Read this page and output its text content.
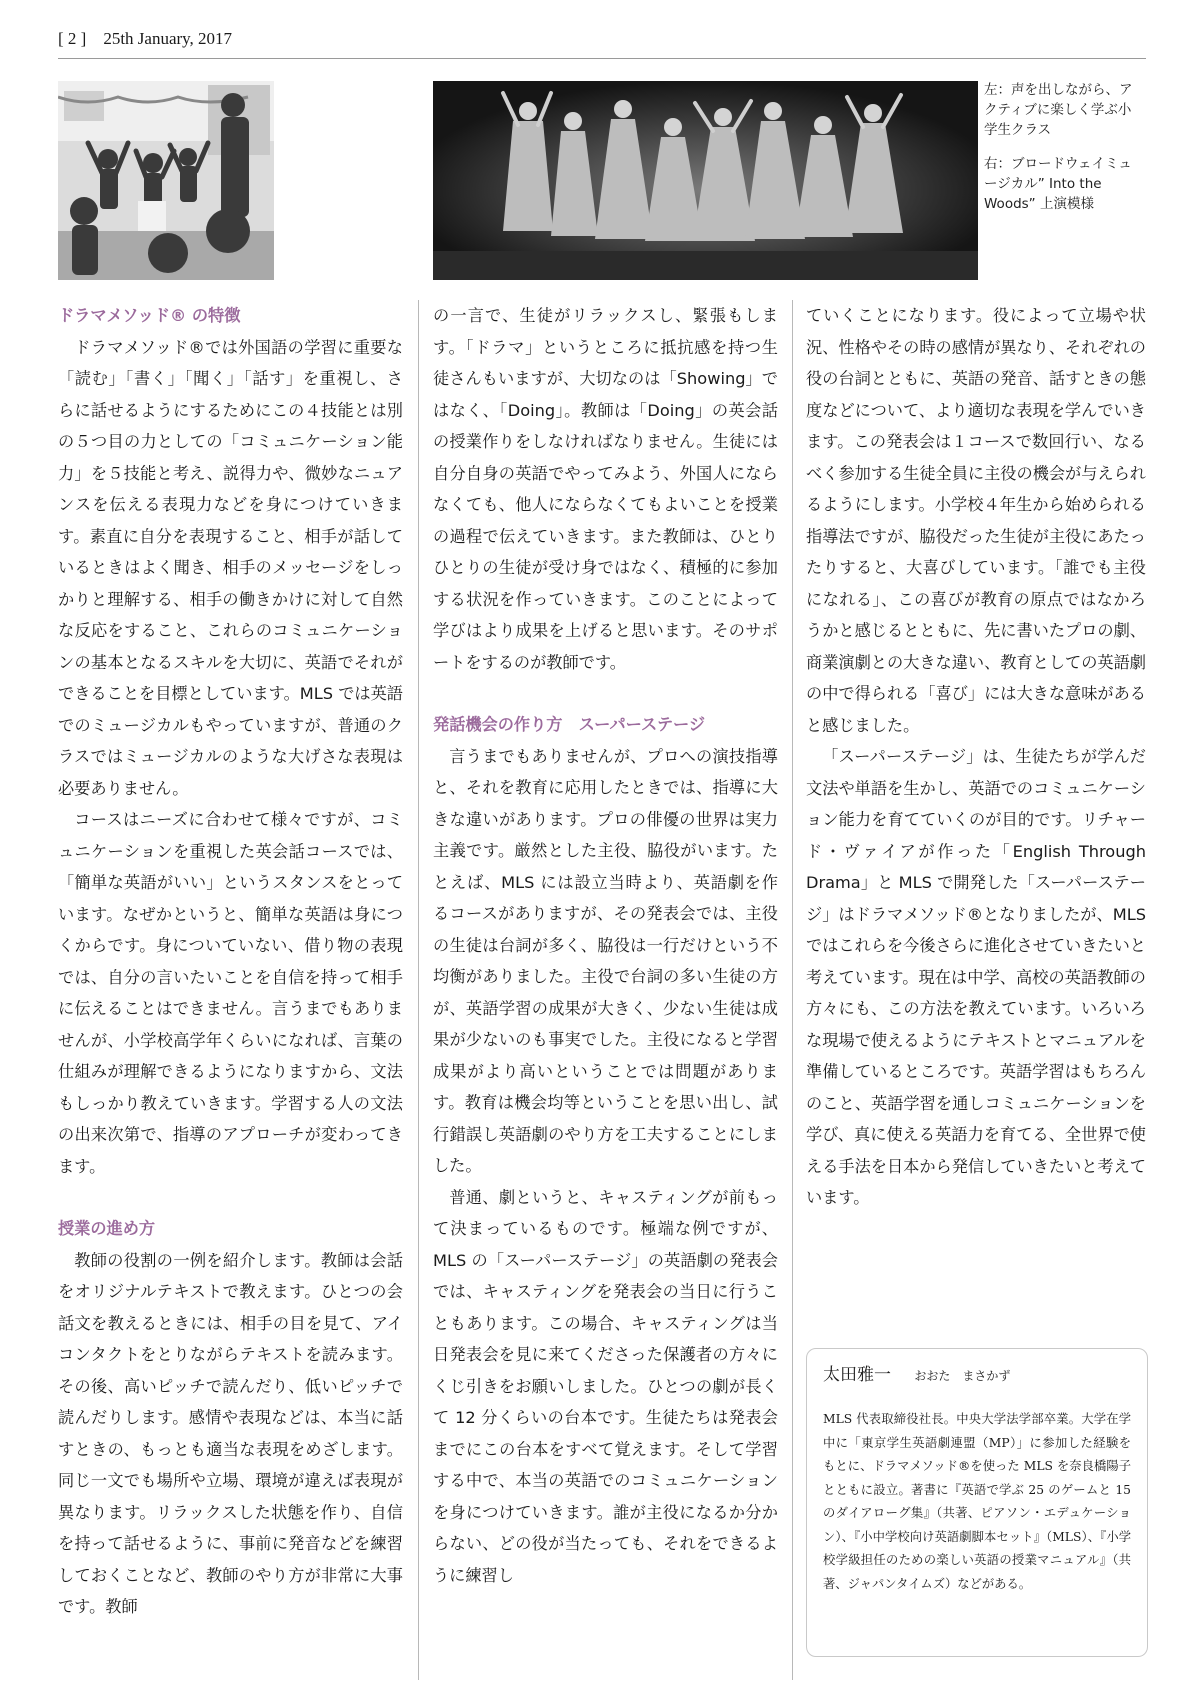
[ 2 ]　25th January, 2017

左：声を出しながら、アクティブに楽しく学ぶ小学生クラス

右：ブロードウェイミュージカル” Into the Woods” 上演模様

ドラマメソッド® の特徴

ドラマメソッド®では外国語の学習に重要な「読む」「書く」「聞く」「話す」を重視し、さらに話せるようにするためにこの４技能とは別の５つ目の力としての「コミュニケーション能力」を５技能と考え、説得力や、微妙なニュアンスを伝える表現力などを身につけていきます。素直に自分を表現すること、相手が話しているときはよく聞き、相手のメッセージをしっかりと理解する、相手の働きかけに対して自然な反応をすること、これらのコミュニケーションの基本となるスキルを大切に、英語でそれができることを目標としています。MLS では英語でのミュージカルもやっていますが、普通のクラスではミュージカルのような大げさな表現は必要ありません。

コースはニーズに合わせて様々ですが、コミュニケーションを重視した英会話コースでは、「簡単な英語がいい」というスタンスをとっています。なぜかというと、簡単な英語は身につくからです。身についていない、借り物の表現では、自分の言いたいことを自信を持って相手に伝えることはできません。言うまでもありませんが、小学校高学年くらいになれば、言葉の仕組みが理解できるようになりますから、文法もしっかり教えていきます。学習する人の文法の出来次第で、指導のアプローチが変わってきます。

授業の進め方

教師の役割の一例を紹介します。教師は会話をオリジナルテキストで教えます。ひとつの会話文を教えるときには、相手の目を見て、アイコンタクトをとりながらテキストを読みます。その後、高いピッチで読んだり、低いピッチで読んだりします。感情や表現などは、本当に話すときの、もっとも適当な表現をめざします。同じ一文でも場所や立場、環境が違えば表現が異なります。リラックスした状態を作り、自信を持って話せるように、事前に発音などを練習しておくことなど、教師のやり方が非常に大事です。教師

の一言で、生徒がリラックスし、緊張もします。「ドラマ」というところに抵抗感を持つ生徒さんもいますが、大切なのは「Showing」ではなく、「Doing」。教師は「Doing」の英会話の授業作りをしなければなりません。生徒には自分自身の英語でやってみよう、外国人にならなくても、他人にならなくてもよいことを授業の過程で伝えていきます。また教師は、ひとりひとりの生徒が受け身ではなく、積極的に参加する状況を作っていきます。このことによって学びはより成果を上げると思います。そのサポートをするのが教師です。

発話機会の作り方　スーパーステージ

言うまでもありませんが、プロへの演技指導と、それを教育に応用したときでは、指導に大きな違いがあります。プロの俳優の世界は実力主義です。厳然とした主役、脇役がいます。たとえば、MLS には設立当時より、英語劇を作るコースがありますが、その発表会では、主役の生徒は台詞が多く、脇役は一行だけという不均衡がありました。主役で台詞の多い生徒の方が、英語学習の成果が大きく、少ない生徒は成果が少ないのも事実でした。主役になると学習成果がより高いということでは問題があります。教育は機会均等ということを思い出し、試行錯誤し英語劇のやり方を工夫することにしました。

普通、劇というと、キャスティングが前もって決まっているものです。極端な例ですが、MLS の「スーパーステージ」の英語劇の発表会では、キャスティングを発表会の当日に行うこともあります。この場合、キャスティングは当日発表会を見に来てくださった保護者の方々にくじ引きをお願いしました。ひとつの劇が長くて 12 分くらいの台本です。生徒たちは発表会までにこの台本をすべて覚えます。そして学習する中で、本当の英語でのコミュニケーションを身につけていきます。誰が主役になるか分からない、どの役が当たっても、それをできるように練習し

ていくことになります。役によって立場や状況、性格やその時の感情が異なり、それぞれの役の台詞とともに、英語の発音、話すときの態度などについて、より適切な表現を学んでいきます。この発表会は１コースで数回行い、なるべく参加する生徒全員に主役の機会が与えられるようにします。小学校４年生から始められる指導法ですが、脇役だった生徒が主役にあたったりすると、大喜びしています。「誰でも主役になれる」、この喜びが教育の原点ではなかろうかと感じるとともに、先に書いたプロの劇、商業演劇との大きな違い、教育としての英語劇の中で得られる「喜び」には大きな意味があると感じました。

「スーパーステージ」は、生徒たちが学んだ文法や単語を生かし、英語でのコミュニケーション能力を育てていくのが目的です。リチャード・ヴァイアが作った「English Through Drama」と MLS で開発した「スーパーステージ」はドラマメソッド®となりましたが、MLS ではこれらを今後さらに進化させていきたいと考えています。現在は中学、高校の英語教師の方々にも、この方法を教えています。いろいろな現場で使えるようにテキストとマニュアルを準備しているところです。英語学習はもちろんのこと、英語学習を通しコミュニケーションを学び、真に使える英語力を育てる、全世界で使える手法を日本から発信していきたいと考えています。

太田雅一 おおた　まさかず

MLS 代表取締役社長。中央大学法学部卒業。大学在学中に「東京学生英語劇連盟（MP）」に参加した経験をもとに、ドラマメソッド®を使った MLS を奈良橋陽子とともに設立。著書に『英語で学ぶ 25 のゲームと 15 のダイアローグ集』（共著、ピアソン・エデュケーション）、『小中学校向け英語劇脚本セット』（MLS）、『小学校学級担任のための楽しい英語の授業マニュアル』（共著、ジャパンタイムズ）などがある。
